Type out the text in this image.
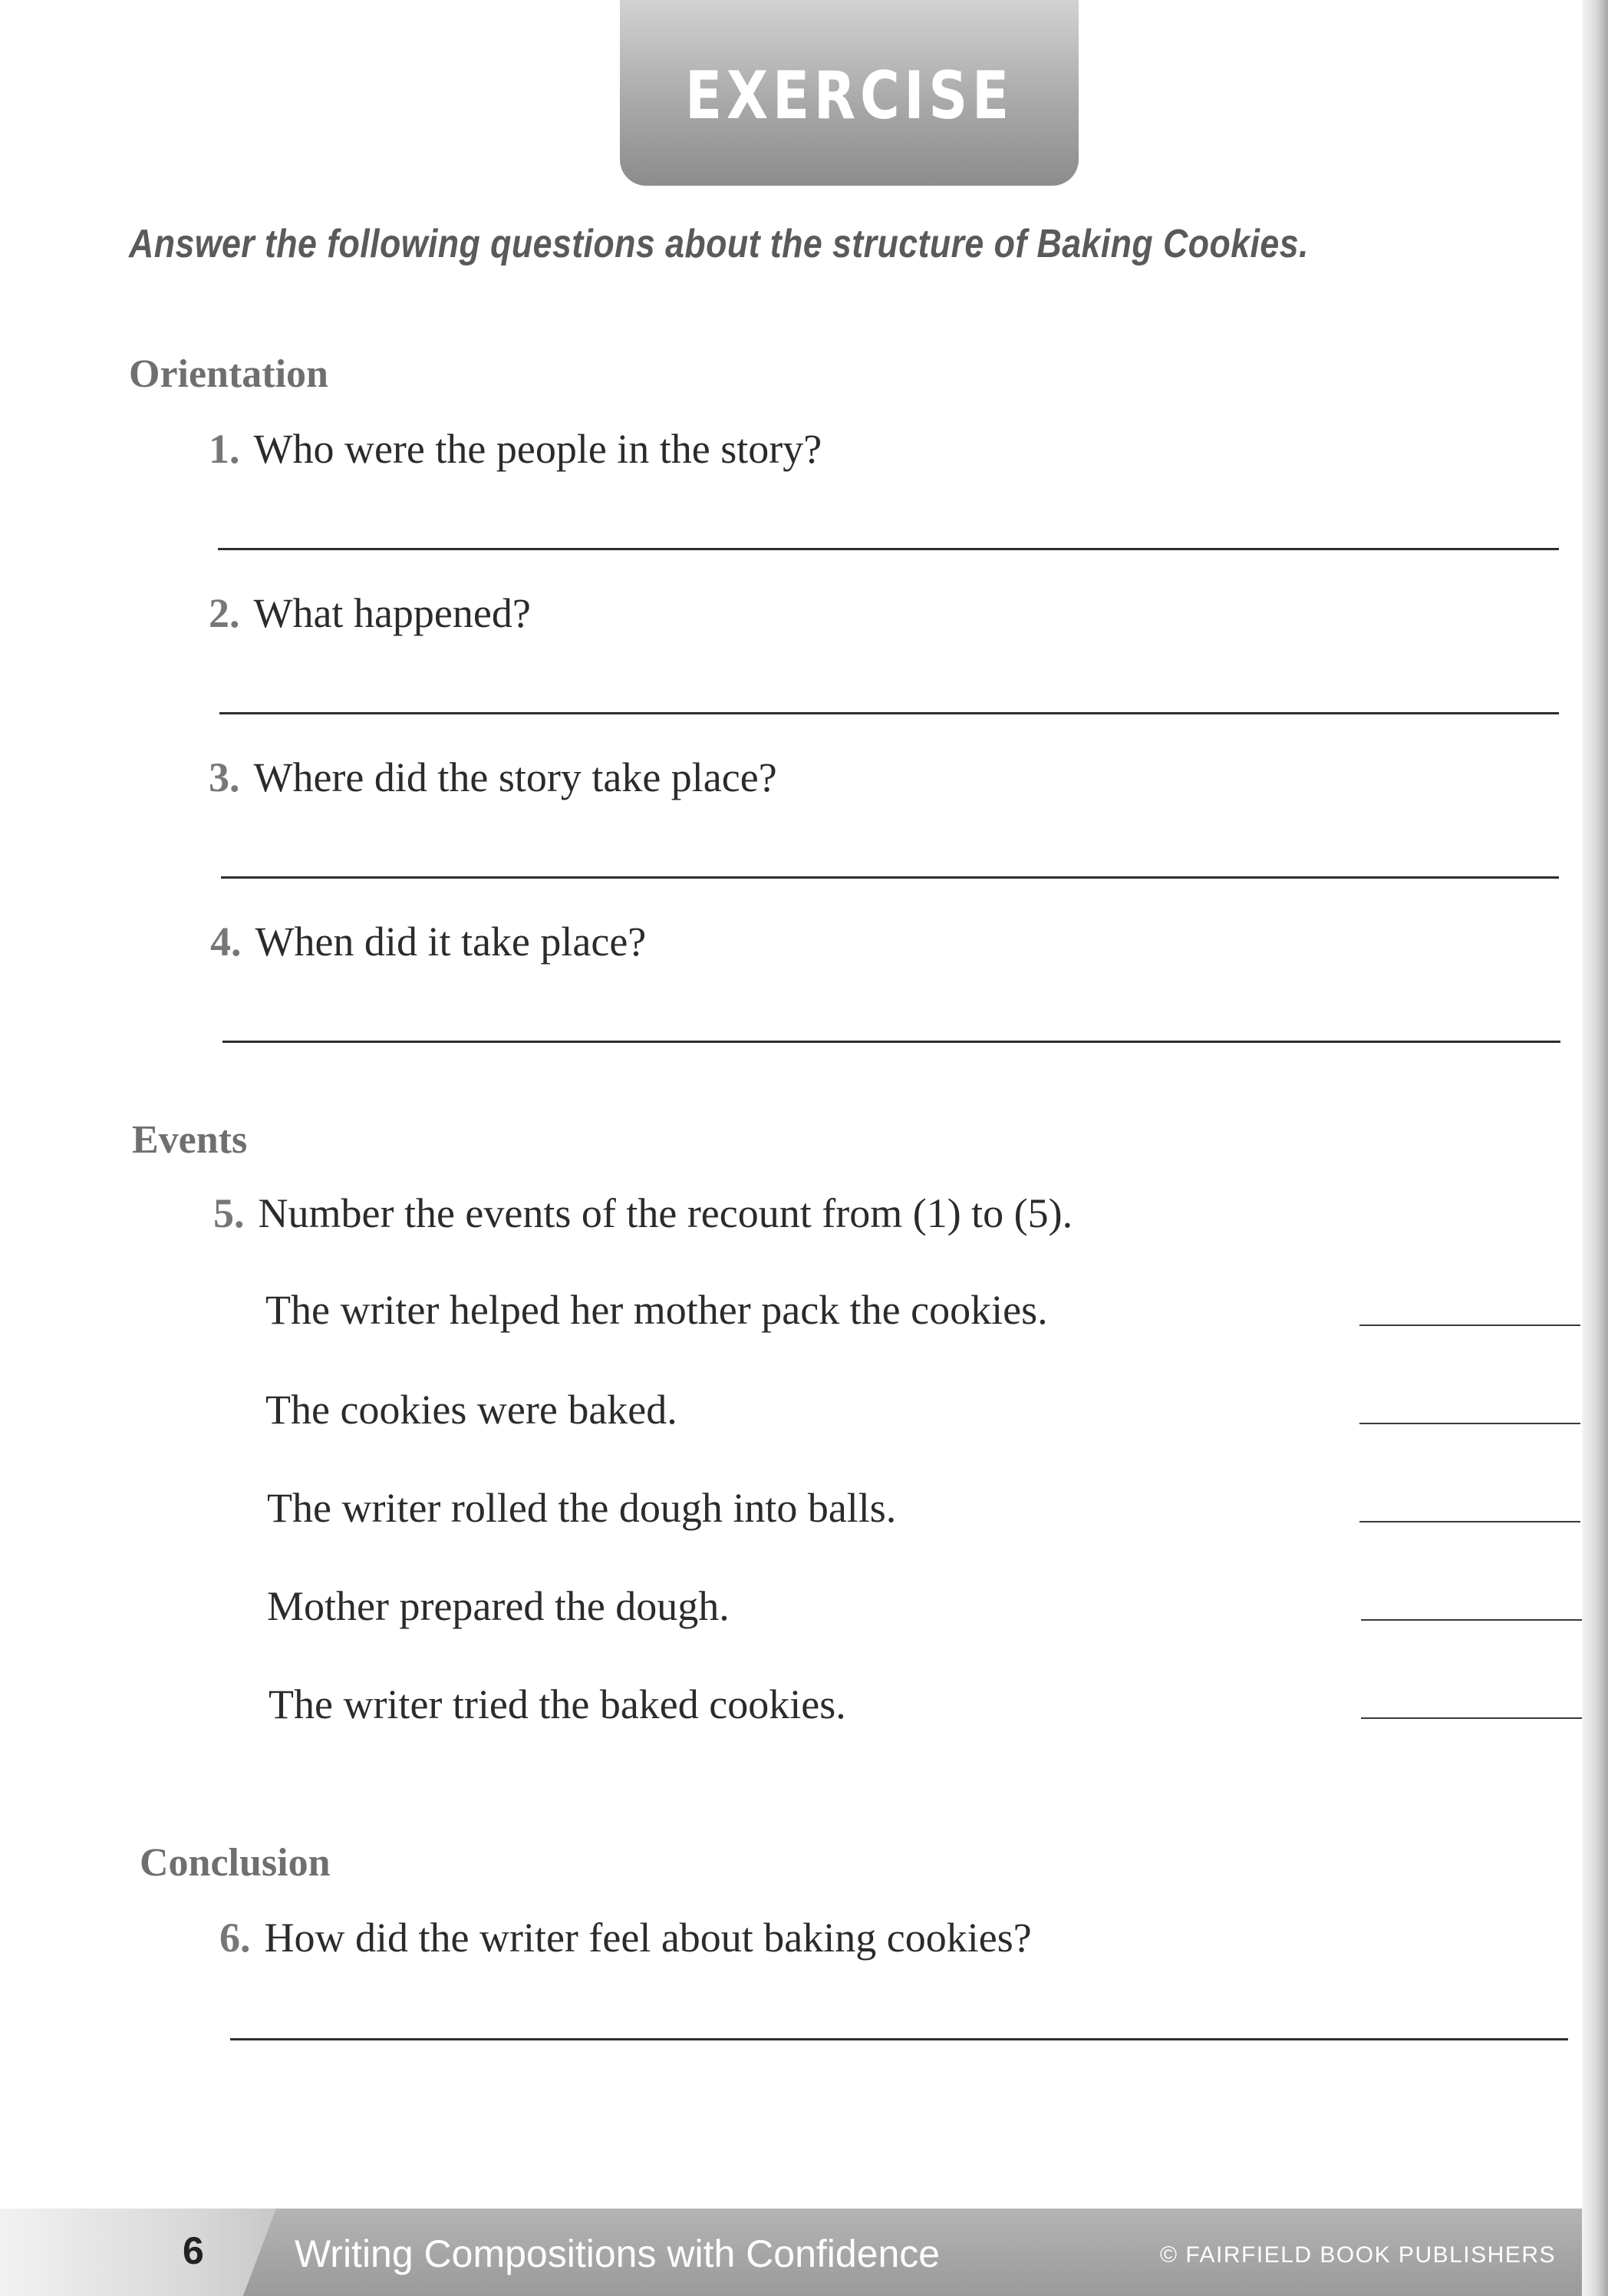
EXERCISE
Answer the following questions about the structure of Baking Cookies.
Orientation
1. Who were the people in the story?
2. What happened?
3. Where did the story take place?
4. When did it take place?
Events
5. Number the events of the recount from (1) to (5).
The writer helped her mother pack the cookies.
The cookies were baked.
The writer rolled the dough into balls.
Mother prepared the dough.
The writer tried the baked cookies.
Conclusion
6. How did the writer feel about baking cookies?
6 Writing Compositions with Confidence	© FAIRFIELD BOOK PUBLISHERS
